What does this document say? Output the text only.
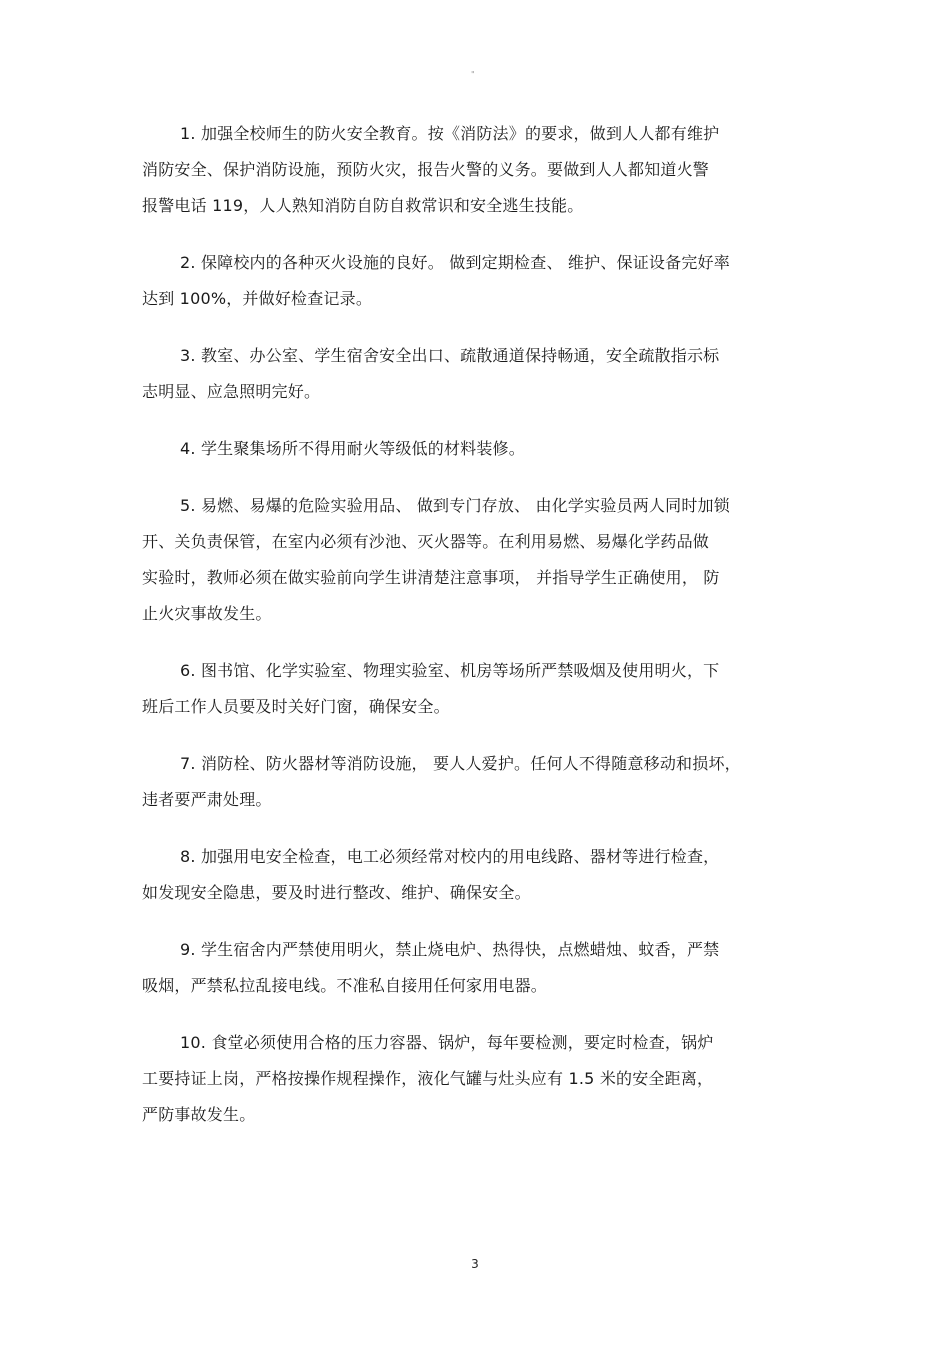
"
1. 加强全校师生的防火安全教育。按《消防法》的要求，做到人人都有维护
消防安全、保护消防设施，预防火灾，报告火警的义务。要做到人人都知道火警
报警电话 119，人人熟知消防自防自救常识和安全逃生技能。
2. 保障校内的各种灭火设施的良好。 做到定期检查、 维护、保证设备完好率
达到 100%，并做好检查记录。
3. 教室、办公室、学生宿舍安全出口、疏散通道保持畅通，安全疏散指示标
志明显、应急照明完好。
4. 学生聚集场所不得用耐火等级低的材料装修。
5. 易燃、易爆的危险实验用品、 做到专门存放、 由化学实验员两人同时加锁
开、关负责保管，在室内必须有沙池、灭火器等。在利用易燃、易爆化学药品做
实验时，教师必须在做实验前向学生讲清楚注意事项， 并指导学生正确使用， 防
止火灾事故发生。
6. 图书馆、化学实验室、物理实验室、机房等场所严禁吸烟及使用明火，下
班后工作人员要及时关好门窗，确保安全。
7. 消防栓、防火器材等消防设施， 要人人爱护。任何人不得随意移动和损坏，
违者要严肃处理。
8. 加强用电安全检查，电工必须经常对校内的用电线路、器材等进行检查，
如发现安全隐患，要及时进行整改、维护、确保安全。
9. 学生宿舍内严禁使用明火，禁止烧电炉、热得快，点燃蜡烛、蚊香，严禁
吸烟，严禁私拉乱接电线。不准私自接用任何家用电器。
10. 食堂必须使用合格的压力容器、锅炉，每年要检测，要定时检查，锅炉
工要持证上岗，严格按操作规程操作，液化气罐与灶头应有 1.5 米的安全距离，
严防事故发生。
3
